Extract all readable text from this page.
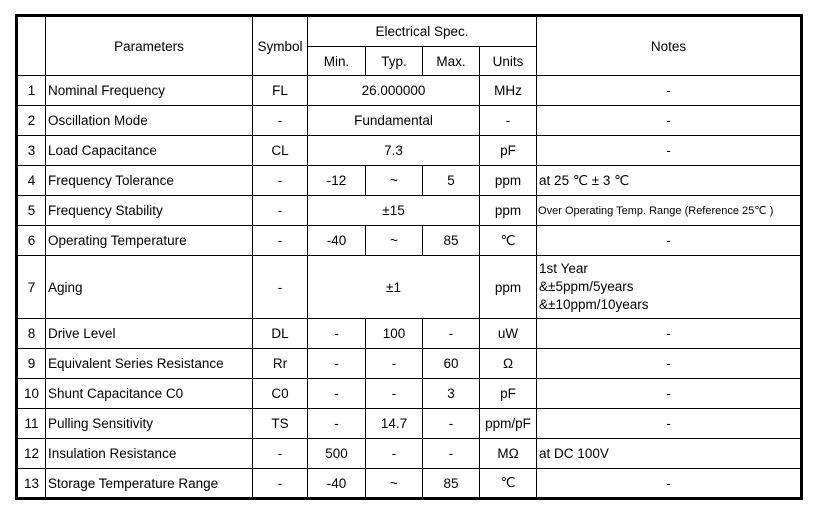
	Parameters	Symbol	Electrical Spec.				Notes
			Min.	Typ.	Max.	Units	
1	Nominal Frequency	FL	26.000000			MHz	-
2	Oscillation Mode	-	Fundamental			-	-
3	Load Capacitance	CL	7.3			pF	-
4	Frequency Tolerance	-	-12	~	5	ppm	at 25 ℃ ± 3 ℃
5	Frequency Stability	-	±15			ppm	Over Operating Temp. Range (Reference 25℃ )
6	Operating Temperature	-	-40	~	85	℃	-
7	Aging	-	±1			ppm	1st Year
&±5ppm/5years
&±10ppm/10years

8	Drive Level	DL	-	100	-	uW	-
9	Equivalent Series Resistance	Rr	-	-	60	Ω	-
10	Shunt Capacitance C0	C0	-	-	3	pF	-
11	Pulling Sensitivity	TS	-	14.7	-	ppm/pF	-
12	Insulation Resistance	-	500	-	-	MΩ	at DC 100V
13	Storage Temperature Range	-	-40	~	85	℃	-
